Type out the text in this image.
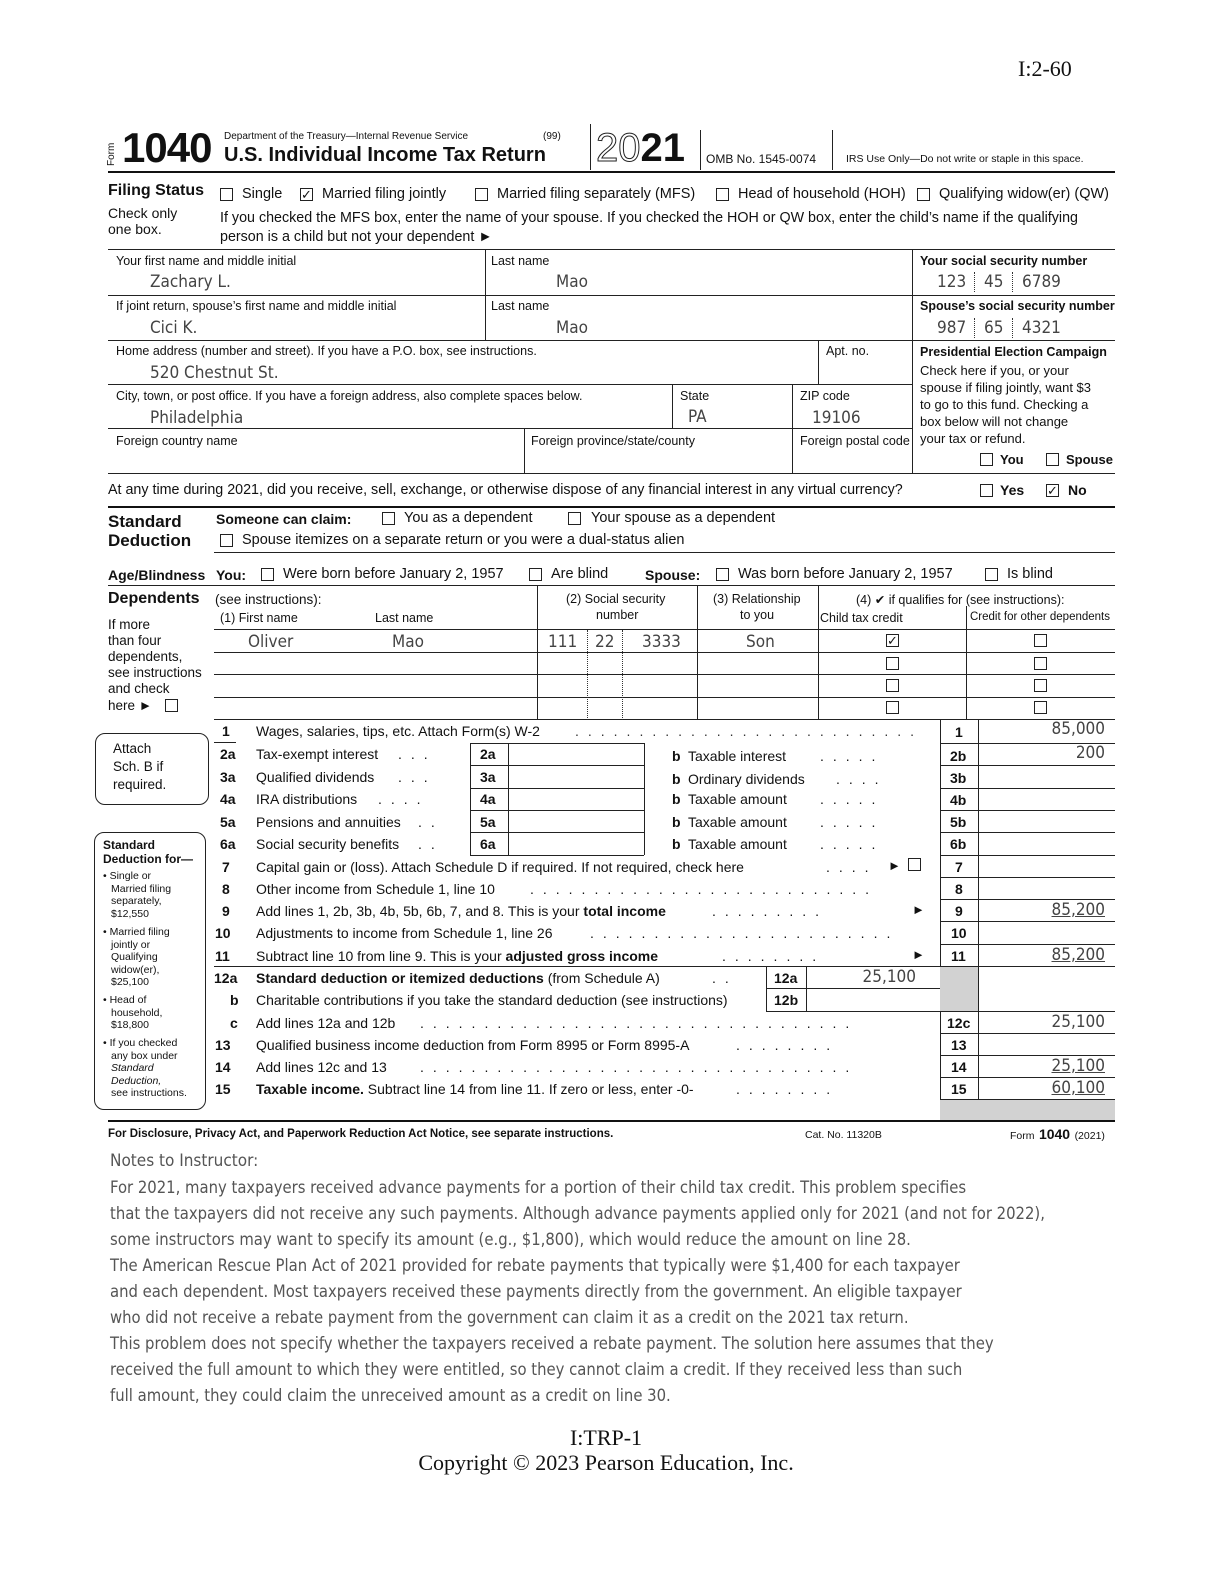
I:2-60
Form 1040 Department of the Treasury—Internal Revenue Service	(99)
U.S. Individual Income Tax Return 2021 OMB No. 1545-0074	IRS Use Only—Do not write or staple in this space.
Filing Status
Check only
one box.
Single ✓ Married filing jointly	Married filing separately (MFS)	Head of household (HOH) Qualifying widow(er) (QW)
If you checked the MFS box, enter the name of your spouse. If you checked the HOH or QW box, enter the child’s name if the qualifying
person is a child but not your dependent ►
Your first name and middle initial
Zachary L.
Last name
Mao
Your social security number
123 45 6789
If joint return, spouse’s first name and middle initial
Cici K.
Last name
Mao
Spouse’s social security number
987 65 4321
Home address (number and street). If you have a P.O. box, see instructions.
520 Chestnut St.
Apt. no.
City, town, or post office. If you have a foreign address, also complete spaces below.
Philadelphia
State
PA
ZIP code
19106
Foreign country name	Foreign province/state/county	Foreign postal code
Presidential Election Campaign
Check here if you, or your
spouse if filing jointly, want $3
to go to this fund. Checking a
box below will not change
your tax or refund.
You	Spouse
At any time during 2021, did you receive, sell, exchange, or otherwise dispose of any financial interest in any virtual currency?	Yes ✓ No
Standard
Deduction
Someone can claim:	You as a dependent	Your spouse as a dependent
Spouse itemizes on a separate return or you were a dual-status alien
Age/Blindness You:	Were born before January 2, 1957	Are blind	Spouse:	Was born before January 2, 1957	Is blind
Dependents (see instructions):
If more
than four
dependents,
see instructions
and check
here ►
(1) First name	Last name
(2) Social security
number
(3) Relationship
to you
(4) ✔ if qualifies for (see instructions):
Child tax credit	Credit for other dependents
Oliver	Mao	111 22 3333	Son	✓
Attach
Sch. B if
required.
Standard
Deduction for—
• Single or
Married filing
separately,
$12,550
• Married filing
jointly or
Qualifying
widow(er),
$25,100
• Head of
household,
$18,800
• If you checked
any box under
Standard
Deduction,
see instructions.
1 Wages, salaries, tips, etc. Attach Form(s) W-2	........................... 1	85,000
2a Tax-exempt interest ...	2a	b Taxable interest .....	2b	200
3a Qualified dividends ...	3a	b Ordinary dividends ....	3b
4a IRA distributions ....	4a	b Taxable amount .....	4b
5a Pensions and annuities ..	5a	b Taxable amount .....	5b
6a Social security benefits ..	6a	b Taxable amount .....	6b
7 Capital gain or (loss). Attach Schedule D if required. If not required, check here	.... ►	7
8 Other income from Schedule 1, line 10	...........................	8
9 Add lines 1, 2b, 3b, 4b, 5b, 6b, 7, and 8. This is your total income	.........	► 9	85,200
10 Adjustments to income from Schedule 1, line 26	........................	10
11 Subtract line 10 from line 9. This is your adjusted gross income	........	► 11	85,200
12a Standard deduction or itemized deductions (from Schedule A)	..	12a	25,100
b Charitable contributions if you take the standard deduction (see instructions)	12b
c Add lines 12a and 12b ..................................	12c	25,100
13 Qualified business income deduction from Form 8995 or Form 8995-A	........	13
14 Add lines 12c and 13 ..................................	14	25,100
15 Taxable income. Subtract line 14 from line 11. If zero or less, enter -0-	........	15	60,100
For Disclosure, Privacy Act, and Paperwork Reduction Act Notice, see separate instructions.	Cat. No. 11320B	Form 1040 (2021)
Notes to Instructor:
For 2021, many taxpayers received advance payments for a portion of their child tax credit. This problem specifies
that the taxpayers did not receive any such payments. Although advance payments applied only for 2021 (and not for 2022),
some instructors may want to specify its amount (e.g., $1,800), which would reduce the amount on line 28.
The American Rescue Plan Act of 2021 provided for rebate payments that typically were $1,400 for each taxpayer
and each dependent. Most taxpayers received these payments directly from the government. An eligible taxpayer
who did not receive a rebate payment from the government can claim it as a credit on the 2021 tax return.
This problem does not specify whether the taxpayers received a rebate payment. The solution here assumes that they
received the full amount to which they were entitled, so they cannot claim a credit. If they received less than such
full amount, they could claim the unreceived amount as a credit on line 30.
I:TRP-1
Copyright © 2023 Pearson Education, Inc.
